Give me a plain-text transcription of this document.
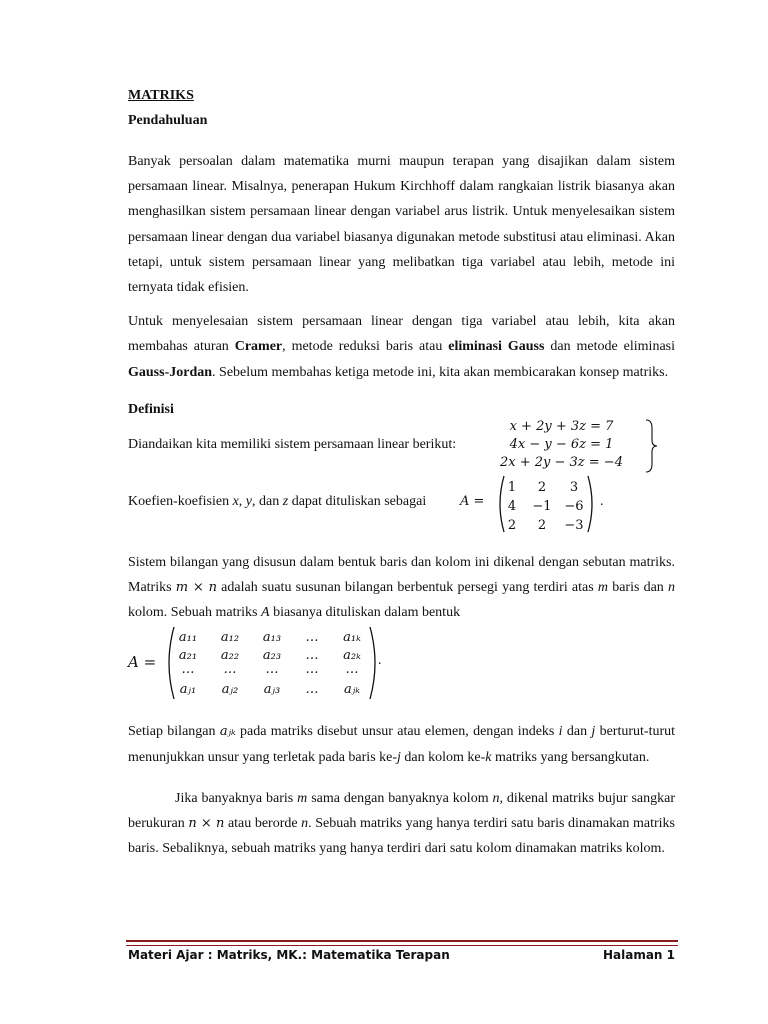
MATRIKS
Pendahuluan

Banyak persoalan dalam matematika murni maupun terapan yang disajikan dalam sistem persamaan linear. Misalnya, penerapan Hukum Kirchhoff dalam rangkaian listrik biasanya akan menghasilkan sistem persamaan linear dengan variabel arus listrik. Untuk menyelesaikan sistem persamaan linear dengan dua variabel biasanya digunakan metode substitusi atau eliminasi. Akan tetapi, untuk sistem persamaan linear yang melibatkan tiga variabel atau lebih, metode ini ternyata tidak efisien.

Untuk menyelesaian sistem persamaan linear dengan tiga variabel atau lebih, kita akan membahas aturan Cramer, metode reduksi baris atau eliminasi Gauss dan metode eliminasi Gauss-Jordan. Sebelum membahas ketiga metode ini, kita akan membicarakan konsep matriks.

Definisi
Diandaikan kita memiliki sistem persamaan linear berikut:
x + 2y + 3z = 7
4x − y − 6z = 1
2x + 2y − 3z = −4
Koefien-koefisien x, y, dan z dapat dituliskan sebagai	A =
1 2 3
4 −1 −6
2 2 −3
.

Sistem bilangan yang disusun dalam bentuk baris dan kolom ini dikenal dengan sebutan matriks. Matriks m × n adalah suatu susunan bilangan berbentuk persegi yang terdiri atas m baris dan n kolom. Sebuah matriks A biasanya dituliskan dalam bentuk

A =
a₁₁ a₁₂ a₁₃ … a₁ₖ
a₂₁ a₂₂ a₂₃ … a₂ₖ
… … … … …
aⱼ₁ aⱼ₂ aⱼ₃ … aⱼₖ
.

Setiap bilangan aⱼₖ pada matriks disebut unsur atau elemen, dengan indeks i dan j berturut-turut menunjukkan unsur yang terletak pada baris ke-j dan kolom ke-k matriks yang bersangkutan.

Jika banyaknya baris m sama dengan banyaknya kolom n, dikenal matriks bujur sangkar berukuran n × n atau berorde n. Sebuah matriks yang hanya terdiri satu baris dinamakan matriks baris. Sebaliknya, sebuah matriks yang hanya terdiri dari satu kolom dinamakan matriks kolom.

Materi Ajar : Matriks, MK.: Matematika Terapan	Halaman 1
